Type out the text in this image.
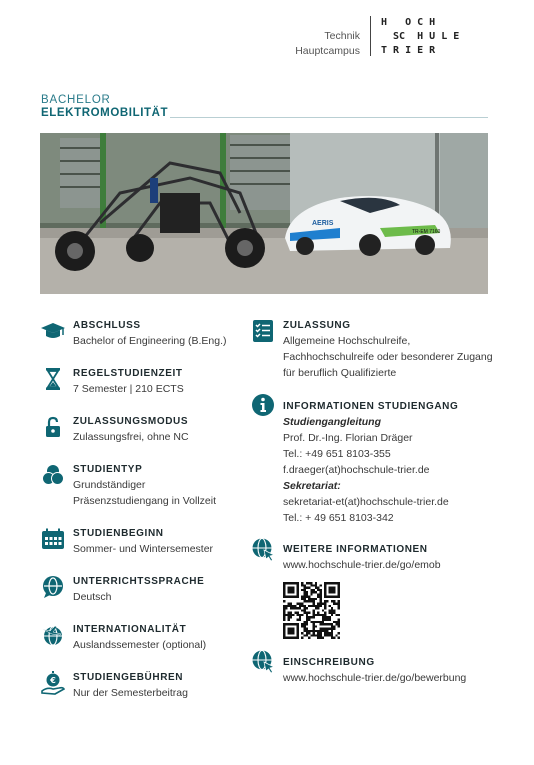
Technik
Hauptcampus
H   O C H
SC  H U L E
T R I E R
BACHELOR
ELEKTROMOBILITÄT
AERIS
TR-EM 7160
ABSCHLUSS
Bachelor of Engineering (B.Eng.)
REGELSTUDIENZEIT
7 Semester | 210 ECTS
ZULASSUNGSMODUS
Zulassungsfrei, ohne NC
STUDIENTYP
Grundständiger
Präsenzstudiengang in Vollzeit
STUDIENBEGINN
Sommer- und Wintersemester
UNTERRICHTSSPRACHE
Deutsch
INTERNATIONALITÄT
Auslandssemester (optional)
€ STUDIENGEBÜHREN
Nur der Semesterbeitrag
ZULASSUNG
Allgemeine Hochschulreife,
Fachhochschulreife oder besonderer Zugang
für beruflich Qualifizierte
INFORMATIONEN STUDIENGANG
Studiengangleitung
Prof. Dr.-Ing. Florian Dräger
Tel.: +49 651 8103-355
f.draeger(at)hochschule-trier.de
Sekretariat:
sekretariat-et(at)hochschule-trier.de
Tel.: + 49 651 8103-342
WEITERE INFORMATIONEN
www.hochschule-trier.de/go/emob
EINSCHREIBUNG
www.hochschule-trier.de/go/bewerbung
